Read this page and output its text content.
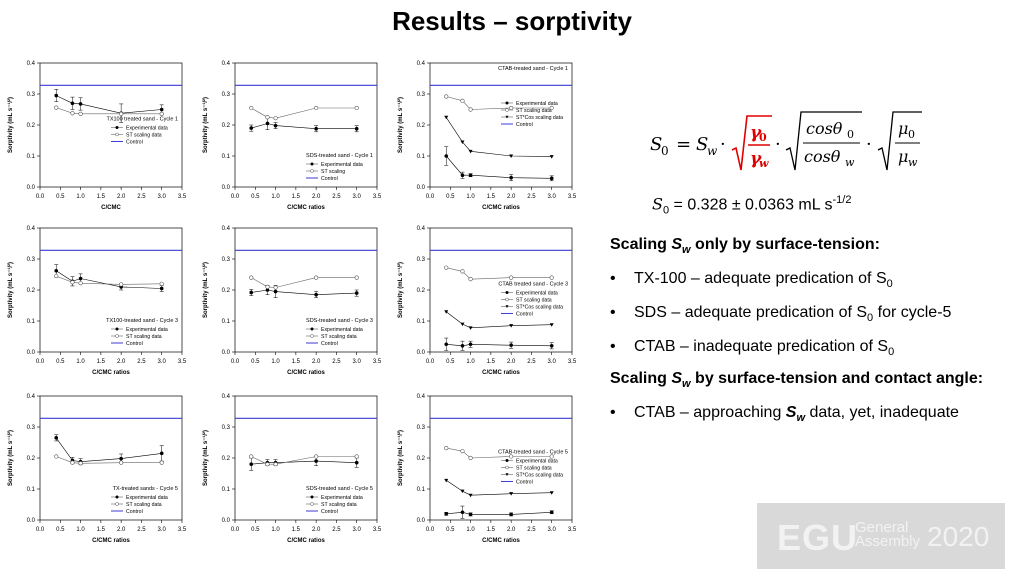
Results – sorptivity
0.0 0.5 1.0 1.5 2.0 2.5 3.0 3.5
0.0
0.1
0.2
0.3
0.4
C/CMC
Sorptivity (mL s⁻¹/²)	Experimental data
ST scaling data
Control
TX100 treated sand - Cycle 1
0.0 0.5 1.0 1.5 2.0 2.5 3.0 3.5
0.0
0.1
0.2
0.3
0.4
C/CMC ratios
Sorptivity (mL s⁻¹/²)
Experimental data
ST scaling
Control
SDS-treated sand - Cycle 1
0.0 0.5 1.0 1.5 2.0 2.5 3.0 3.5
0.0
0.1
0.2
0.3
0.4
C/CMC ratios
Sorptivity (mL s⁻¹/²)	Experimental data
ST scaling data
ST*Cos scaling data
Control
CTAB-treated sand - Cycle 1
0.0 0.5 1.0 1.5 2.0 2.5 3.0 3.5
0.0
0.1
0.2
0.3
0.4
C/CMC ratios
Sorptivity (mL s⁻¹/²)
Experimental data
ST scaling data
Control
TX100-treated sand - Cycle 3
0.0 0.5 1.0 1.5 2.0 2.5 3.0 3.5
0.0
0.1
0.2
0.3
0.4
C/CMC ratios
Sorptivity (mL s⁻¹/²)
Experimental data
ST scaling data
Control
SDS-treated sand - Cycle 3
0.0 0.5 1.0 1.5 2.0 2.5 3.0 3.5
0.0
0.1
0.2
0.3
0.4
C/CMC ratios
Sorptivity (mL s⁻¹/²)	Experimental data
ST scaling data
ST*Cos scaling data
Control
CTAB treated sand - Cycle 3
0.0 0.5 1.0 1.5 2.0 2.5 3.0 3.5
0.0
0.1
0.2
0.3
0.4
C/CMC ratios
Sorptivity (mL s⁻¹/²)
Experimental data
ST scaling data
Control
TX-treated sands - Cycle 5
0.0 0.5 1.0 1.5 2.0 2.5 3.0 3.5
0.0
0.1
0.2
0.3
0.4
C/CMC ratios
Sorptivity (mL s⁻¹/²)
Experimental data
ST scaling data
Control
SDS-treated sand - Cycle 5
0.0 0.5 1.0 1.5 2.0 2.5 3.0 3.5
0.0
0.1
0.2
0.3
0.4
C/CMC ratios
Sorptivity (mL s⁻¹/²)	Experimental data
ST scaling data
ST*Cos scaling data
Control
CTAB-treated sand - Cycle 5
S
0 = S
w ·
γ
0
γ
w
·
cosθ 0
cosθ w
·
μ 0
μ w
$S_0 = 0.328 \pm 0.0363$ mL $s^{-1/2}$
Scaling $S_w$ only by surface-tension:
• TX-100 – adequate predication of $S_0$
• SDS – adequate predication of $S_0$ for cycle-5
• CTAB – inadequate predication of $S_0$
Scaling $S_w$ by surface-tension and contact angle:
• CTAB – approaching $S_w$ data, yet, inadequate
EGU
General
Assembly 2020
